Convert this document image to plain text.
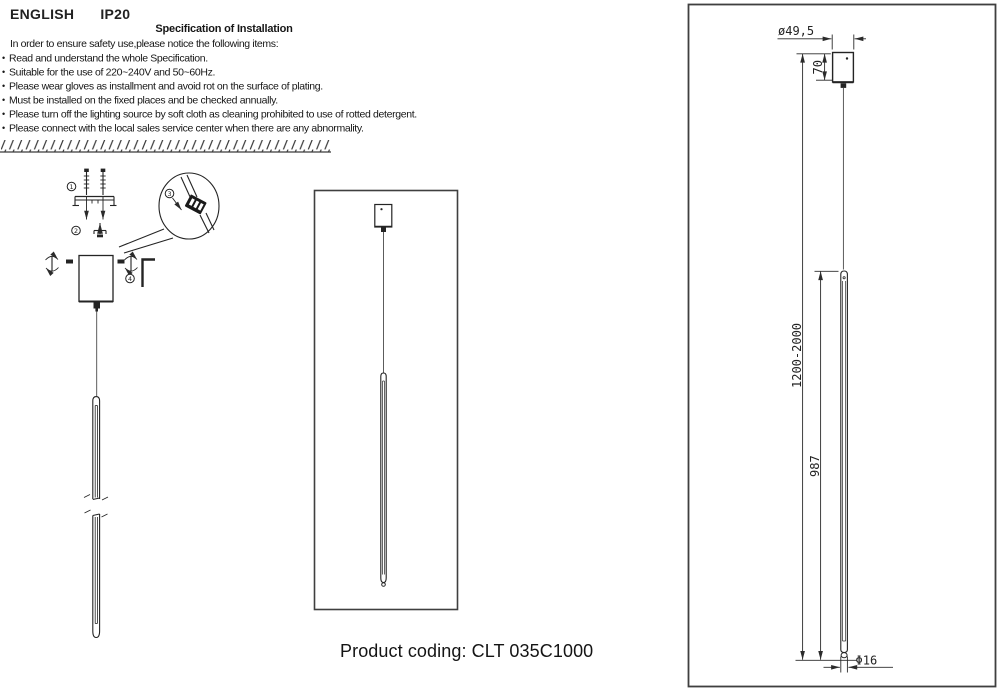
ENGLISH IP20
Specification of Installation
In order to ensure safety use,please notice the following items:
• Read and understand the whole Specification.
• Suitable for the use of 220~240V and 50~60Hz.
• Please wear gloves as installment and avoid rot on the surface of plating.
• Must be installed on the fixed places and be checked annually.
• Please turn off the lighting source by soft cloth as cleaning prohibited to use of rotted detergent.
• Please connect with the local sales service center when there are any abnormality.
Product coding: CLT 035C1000
1
2
3
4
ø49,5
70
1200-2000
987
Φ16
